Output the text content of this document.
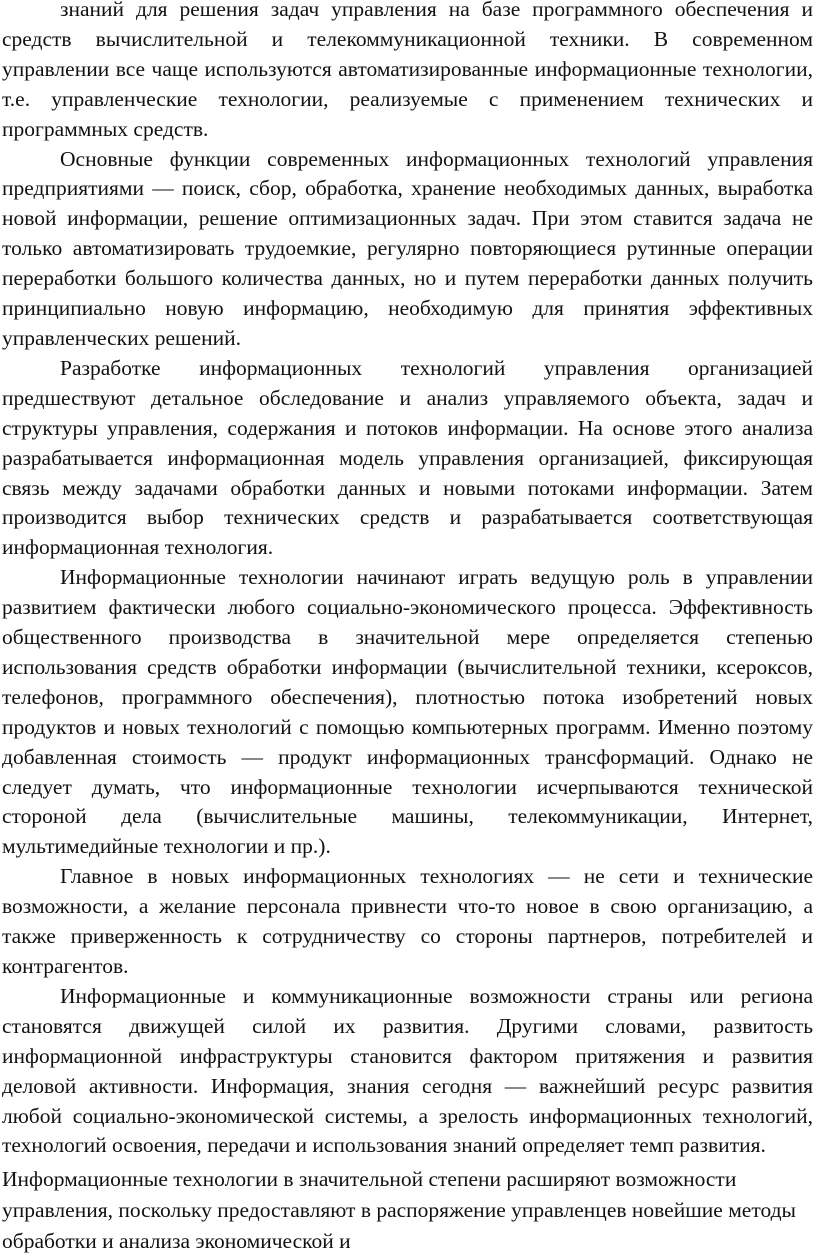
знаний для решения задач управления на базе программного обеспечения и средств вычислительной и телекоммуникационной техники. В современном управлении все чаще используются автоматизированные информационные технологии, т.е. управленческие технологии, реализуемые с применением технических и программных средств.

Основные функции современных информационных технологий управления предприятиями — поиск, сбор, обработка, хранение необходимых данных, выработка новой информации, решение оптимизационных задач. При этом ставится задача не только автоматизировать трудоемкие, регулярно повторяющиеся рутинные операции переработки большого количества данных, но и путем переработки данных получить принципиально новую информацию, необходимую для принятия эффективных управленческих решений.

Разработке информационных технологий управления организацией предшествуют детальное обследование и анализ управляемого объекта, задач и структуры управления, содержания и потоков информации. На основе этого анализа разрабатывается информационная модель управления организацией, фиксирующая связь между задачами обработки данных и новыми потоками информации. Затем производится выбор технических средств и разрабатывается соответствующая информационная технология.

Информационные технологии начинают играть ведущую роль в управлении развитием фактически любого социально-экономического процесса. Эффективность общественного производства в значительной мере определяется степенью использования средств обработки информации (вычислительной техники, ксероксов, телефонов, программного обеспечения), плотностью потока изобретений новых продуктов и новых технологий с помощью компьютерных программ. Именно поэтому добавленная стоимость — продукт информационных трансформаций. Однако не следует думать, что информационные технологии исчерпываются технической стороной дела (вычислительные машины, телекоммуникации, Интернет, мультимедийные технологии и пр.).

Главное в новых информационных технологиях — не сети и технические возможности, а желание персонала привнести что-то новое в свою организацию, а также приверженность к сотрудничеству со стороны партнеров, потребителей и контрагентов.

Информационные и коммуникационные возможности страны или региона становятся движущей силой их развития. Другими словами, развитость информационной инфраструктуры становится фактором притяжения и развития деловой активности. Информация, знания сегодня — важнейший ресурс развития любой социально-экономической системы, а зрелость информационных технологий, технологий освоения, передачи и использования знаний определяет темп развития.

Информационные технологии в значительной степени расширяют возможности управления, поскольку предоставляют в распоряжение управленцев новейшие методы обработки и анализа экономической и
